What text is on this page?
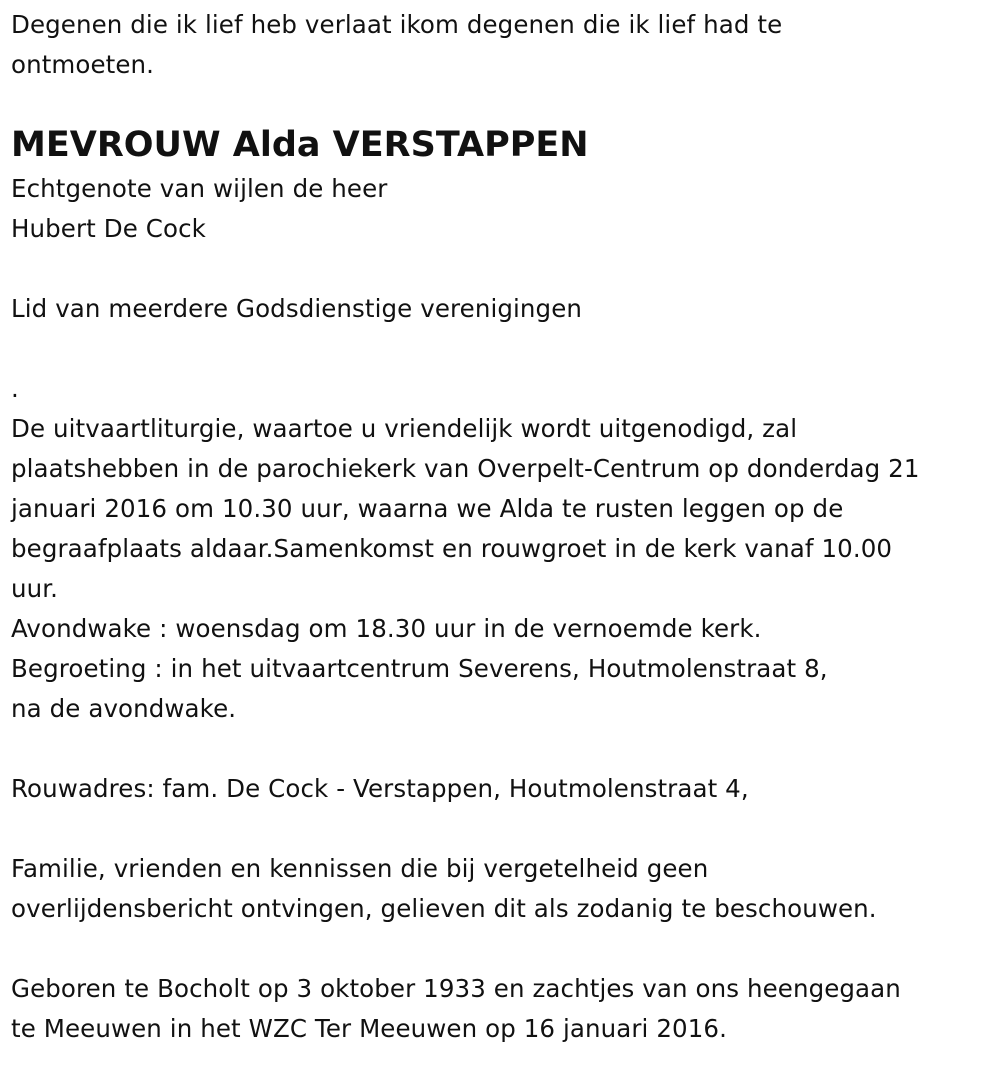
Degenen die ik lief heb verlaat ikom degenen die ik lief had te
ontmoeten.
MEVROUW Alda VERSTAPPEN
Echtgenote van wijlen de heer
Hubert De Cock
Lid van meerdere Godsdienstige verenigingen
.
De uitvaartliturgie, waartoe u vriendelijk wordt uitgenodigd, zal
plaatshebben in de parochiekerk van Overpelt-Centrum op donderdag 21
januari 2016 om 10.30 uur, waarna we Alda te rusten leggen op de
begraafplaats aldaar.Samenkomst en rouwgroet in de kerk vanaf 10.00
uur.
Avondwake : woensdag om 18.30 uur in de vernoemde kerk.
Begroeting : in het uitvaartcentrum Severens, Houtmolenstraat 8,
na de avondwake.
Rouwadres: fam. De Cock - Verstappen, Houtmolenstraat 4,
Familie, vrienden en kennissen die bij vergetelheid geen
overlijdensbericht ontvingen, gelieven dit als zodanig te beschouwen.
Geboren te Bocholt op 3 oktober 1933 en zachtjes van ons heengegaan
te Meeuwen in het WZC Ter Meeuwen op 16 januari 2016.
